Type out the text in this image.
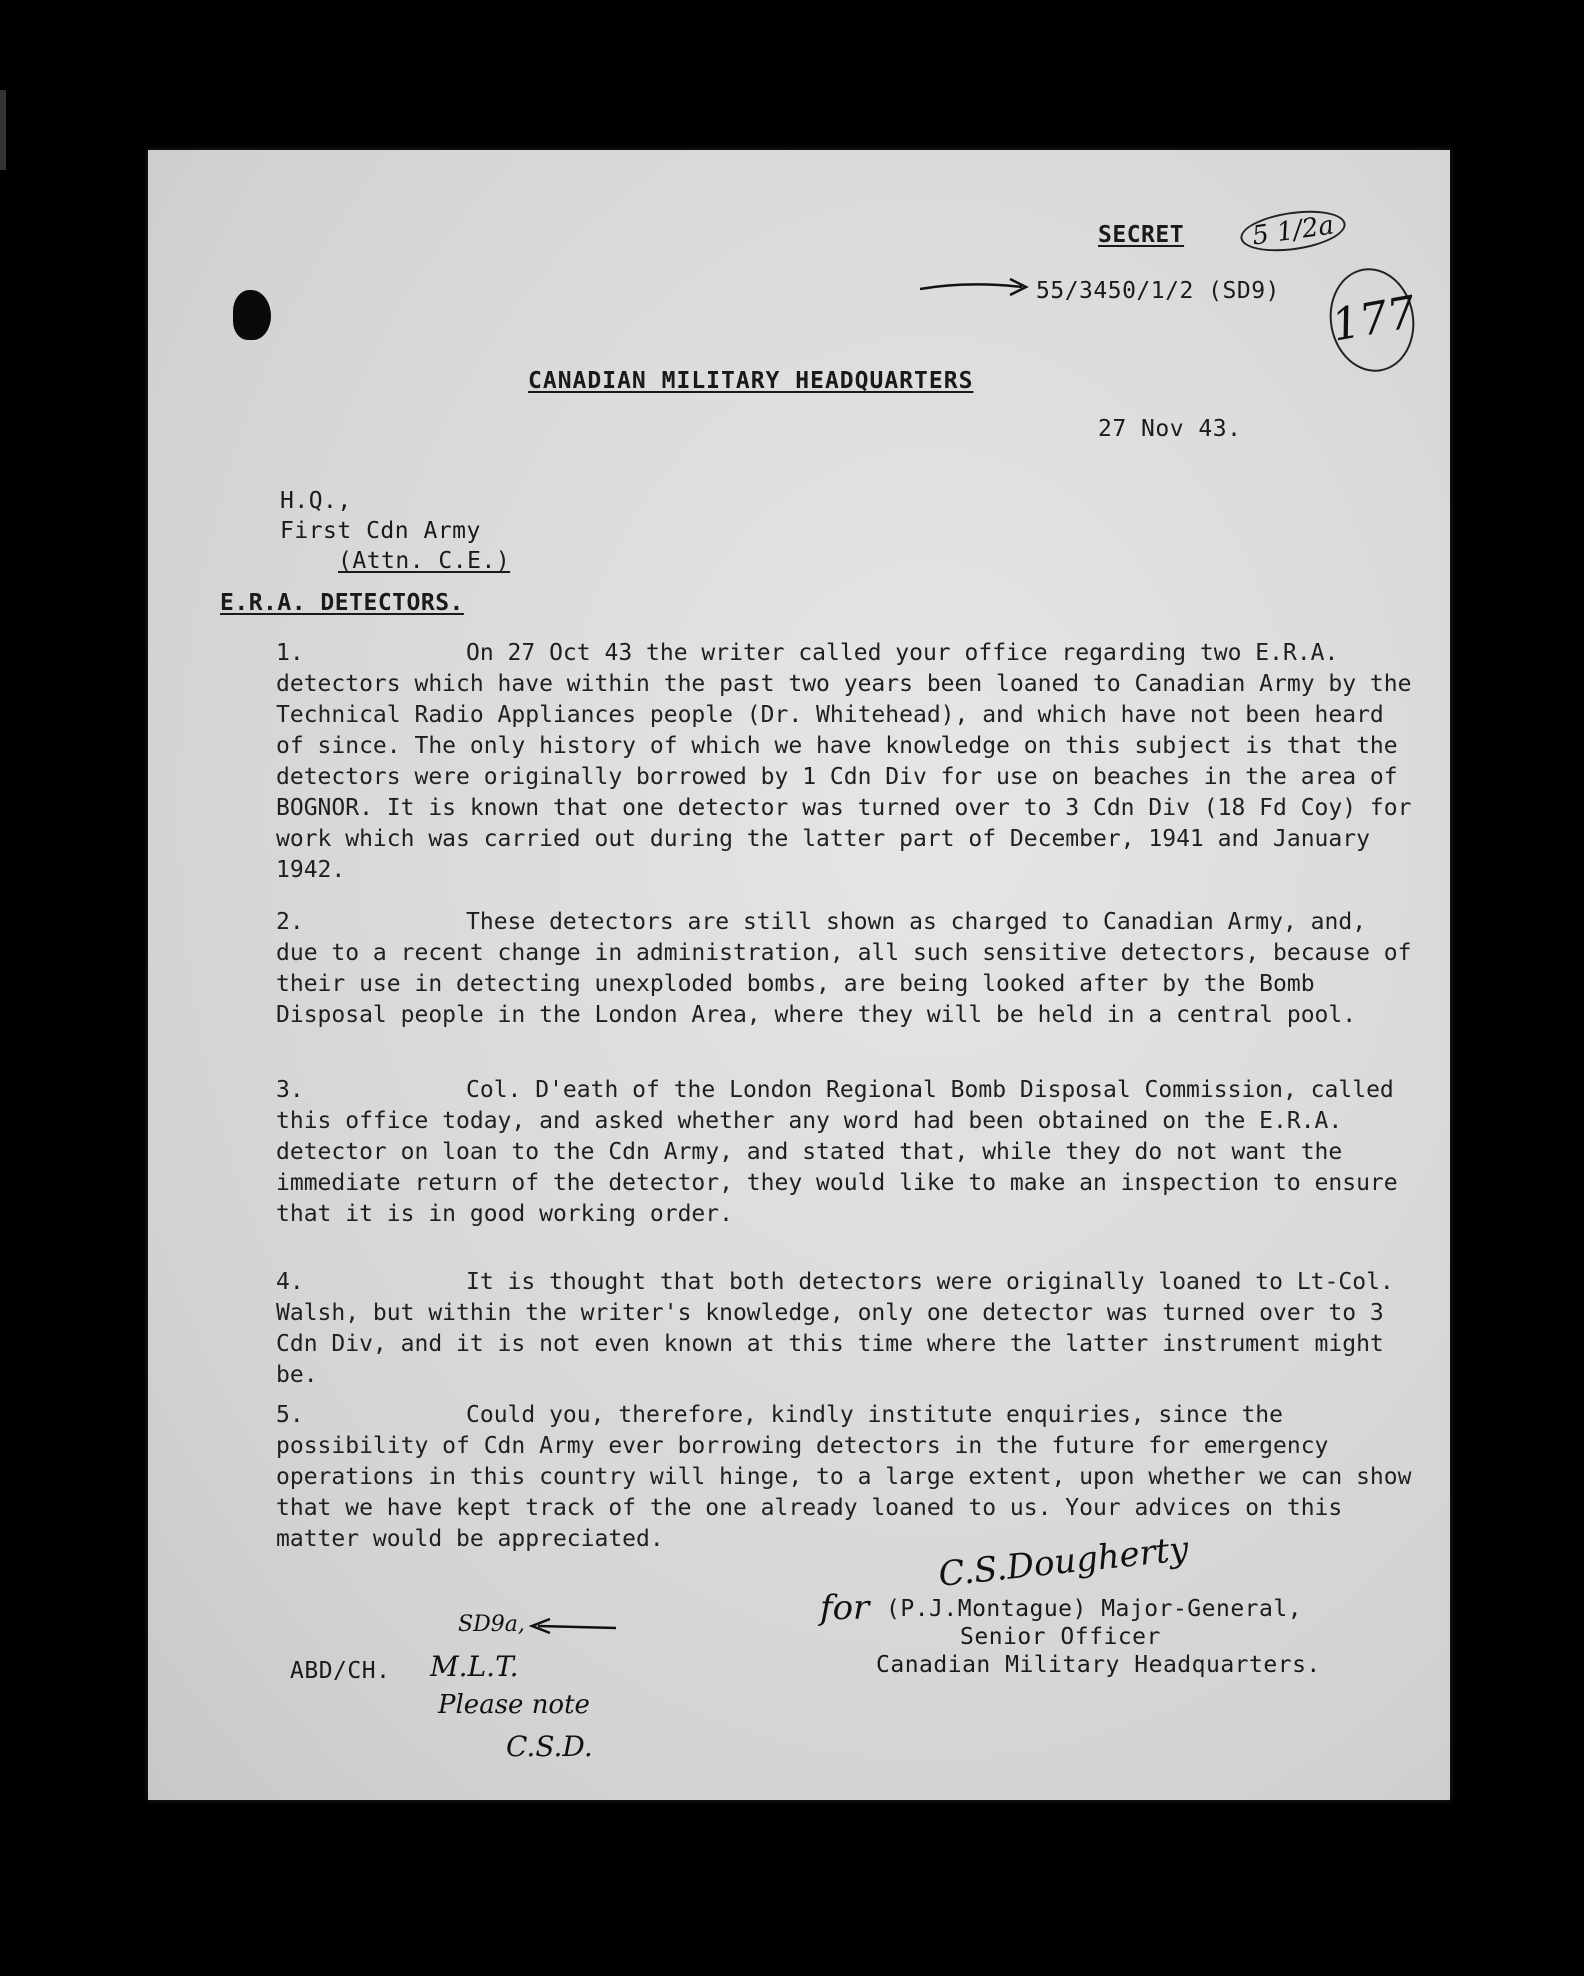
SECRET	5 1/2a
55/3450/1/2 (SD9) 177
CANADIAN MILITARY HEADQUARTERS
27 Nov 43.
H.Q.,
First Cdn Army
(Attn. C.E.)
E.R.A. DETECTORS.
1.	On 27 Oct 43 the writer called your office regarding two E.R.A. detectors which have within the past two years been loaned to Canadian Army by the Technical Radio Appliances people (Dr. Whitehead), and which have not been heard of since. The only history of which we have knowledge on this subject is that the detectors were originally borrowed by 1 Cdn Div for use on beaches in the area of BOGNOR. It is known that one detector was turned over to 3 Cdn Div (18 Fd Coy) for work which was carried out during the latter part of December, 1941 and January 1942.
2.	These detectors are still shown as charged to Canadian Army, and, due to a recent change in administration, all such sensitive detectors, because of their use in detecting unexploded bombs, are being looked after by the Bomb Disposal people in the London Area, where they will be held in a central pool.
3.	Col. D'eath of the London Regional Bomb Disposal Commission, called this office today, and asked whether any word had been obtained on the E.R.A. detector on loan to the Cdn Army, and stated that, while they do not want the immediate return of the detector, they would like to make an inspection to ensure that it is in good working order.
4.	It is thought that both detectors were originally loaned to Lt-Col. Walsh, but within the writer's knowledge, only one detector was turned over to 3 Cdn Div, and it is not even known at this time where the latter instrument might be.
5.	Could you, therefore, kindly institute enquiries, since the possibility of Cdn Army ever borrowing detectors in the future for emergency operations in this country will hinge, to a large extent, upon whether we can show that we have kept track of the one already loaned to us. Your advices on this matter would be appreciated.	C.S.Dougherty
for (P.J.Montague) Major-General,
Senior Officer
Canadian Military Headquarters.
ABD/CH.
SD9a,
M.L.T.
Please note
C.S.D.
